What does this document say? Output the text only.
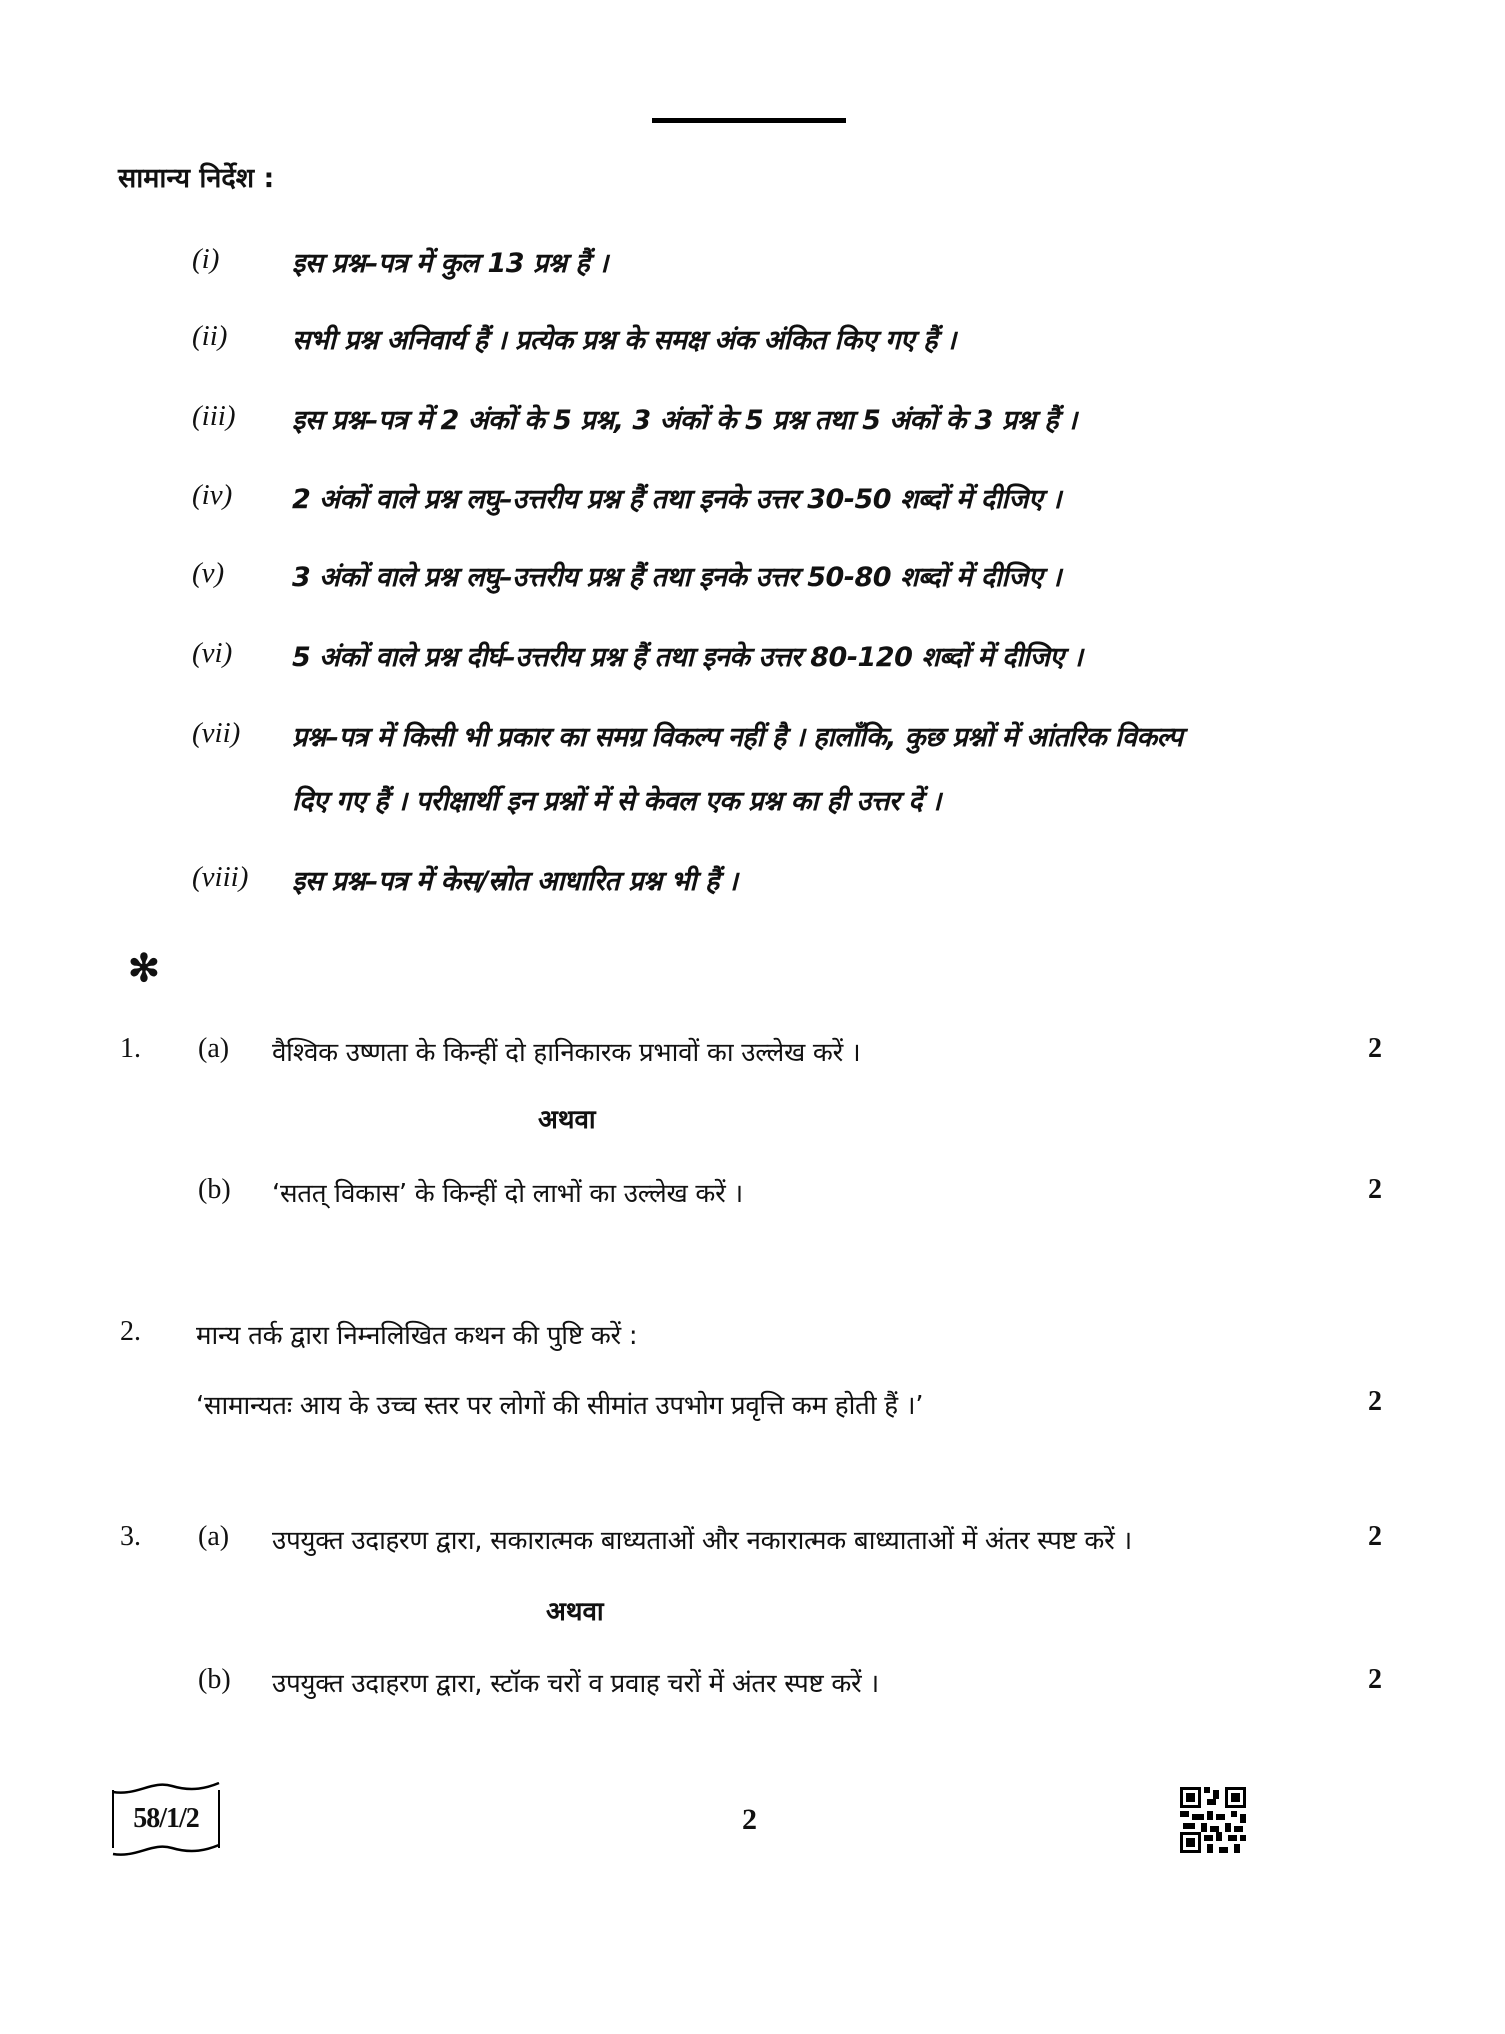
सामान्य निर्देश :
(i)	इस प्रश्न–पत्र में कुल 13 प्रश्न हैं ।
(ii) सभी प्रश्न अनिवार्य हैं । प्रत्येक प्रश्न के समक्ष अंक अंकित किए गए हैं ।
(iii) इस प्रश्न–पत्र में 2 अंकों के 5 प्रश्न, 3 अंकों के 5 प्रश्न तथा 5 अंकों के 3 प्रश्न हैं ।
(iv) 2 अंकों वाले प्रश्न लघु–उत्तरीय प्रश्न हैं तथा इनके उत्तर 30-50 शब्दों में दीजिए ।
(v)	3 अंकों वाले प्रश्न लघु–उत्तरीय प्रश्न हैं तथा इनके उत्तर 50-80 शब्दों में दीजिए ।
(vi) 5 अंकों वाले प्रश्न दीर्घ–उत्तरीय प्रश्न हैं तथा इनके उत्तर 80-120 शब्दों में दीजिए ।
(vii) प्रश्न–पत्र में किसी भी प्रकार का समग्र विकल्प नहीं है । हालाँकि, कुछ प्रश्नों में आंतरिक विकल्प
दिए गए हैं । परीक्षार्थी इन प्रश्नों में से केवल एक प्रश्न का ही उत्तर दें ।
(viii) इस प्रश्न–पत्र में केस/स्रोत आधारित प्रश्न भी हैं ।
✻
1. (a) वैश्विक उष्णता के किन्हीं दो हानिकारक प्रभावों का उल्लेख करें ।	2
अथवा
(b) ‘सतत् विकास’ के किन्हीं दो लाभों का उल्लेख करें ।	2
2. मान्य तर्क द्वारा निम्नलिखित कथन की पुष्टि करें :
‘सामान्यतः आय के उच्च स्तर पर लोगों की सीमांत उपभोग प्रवृत्ति कम होती हैं ।’	2
3. (a) उपयुक्त उदाहरण द्वारा, सकारात्मक बाध्यताओं और नकारात्मक बाध्याताओं में अंतर स्पष्ट करें ।	2
अथवा
(b) उपयुक्त उदाहरण द्वारा, स्टॉक चरों व प्रवाह चरों में अंतर स्पष्ट करें ।	2
58/1/2	2
